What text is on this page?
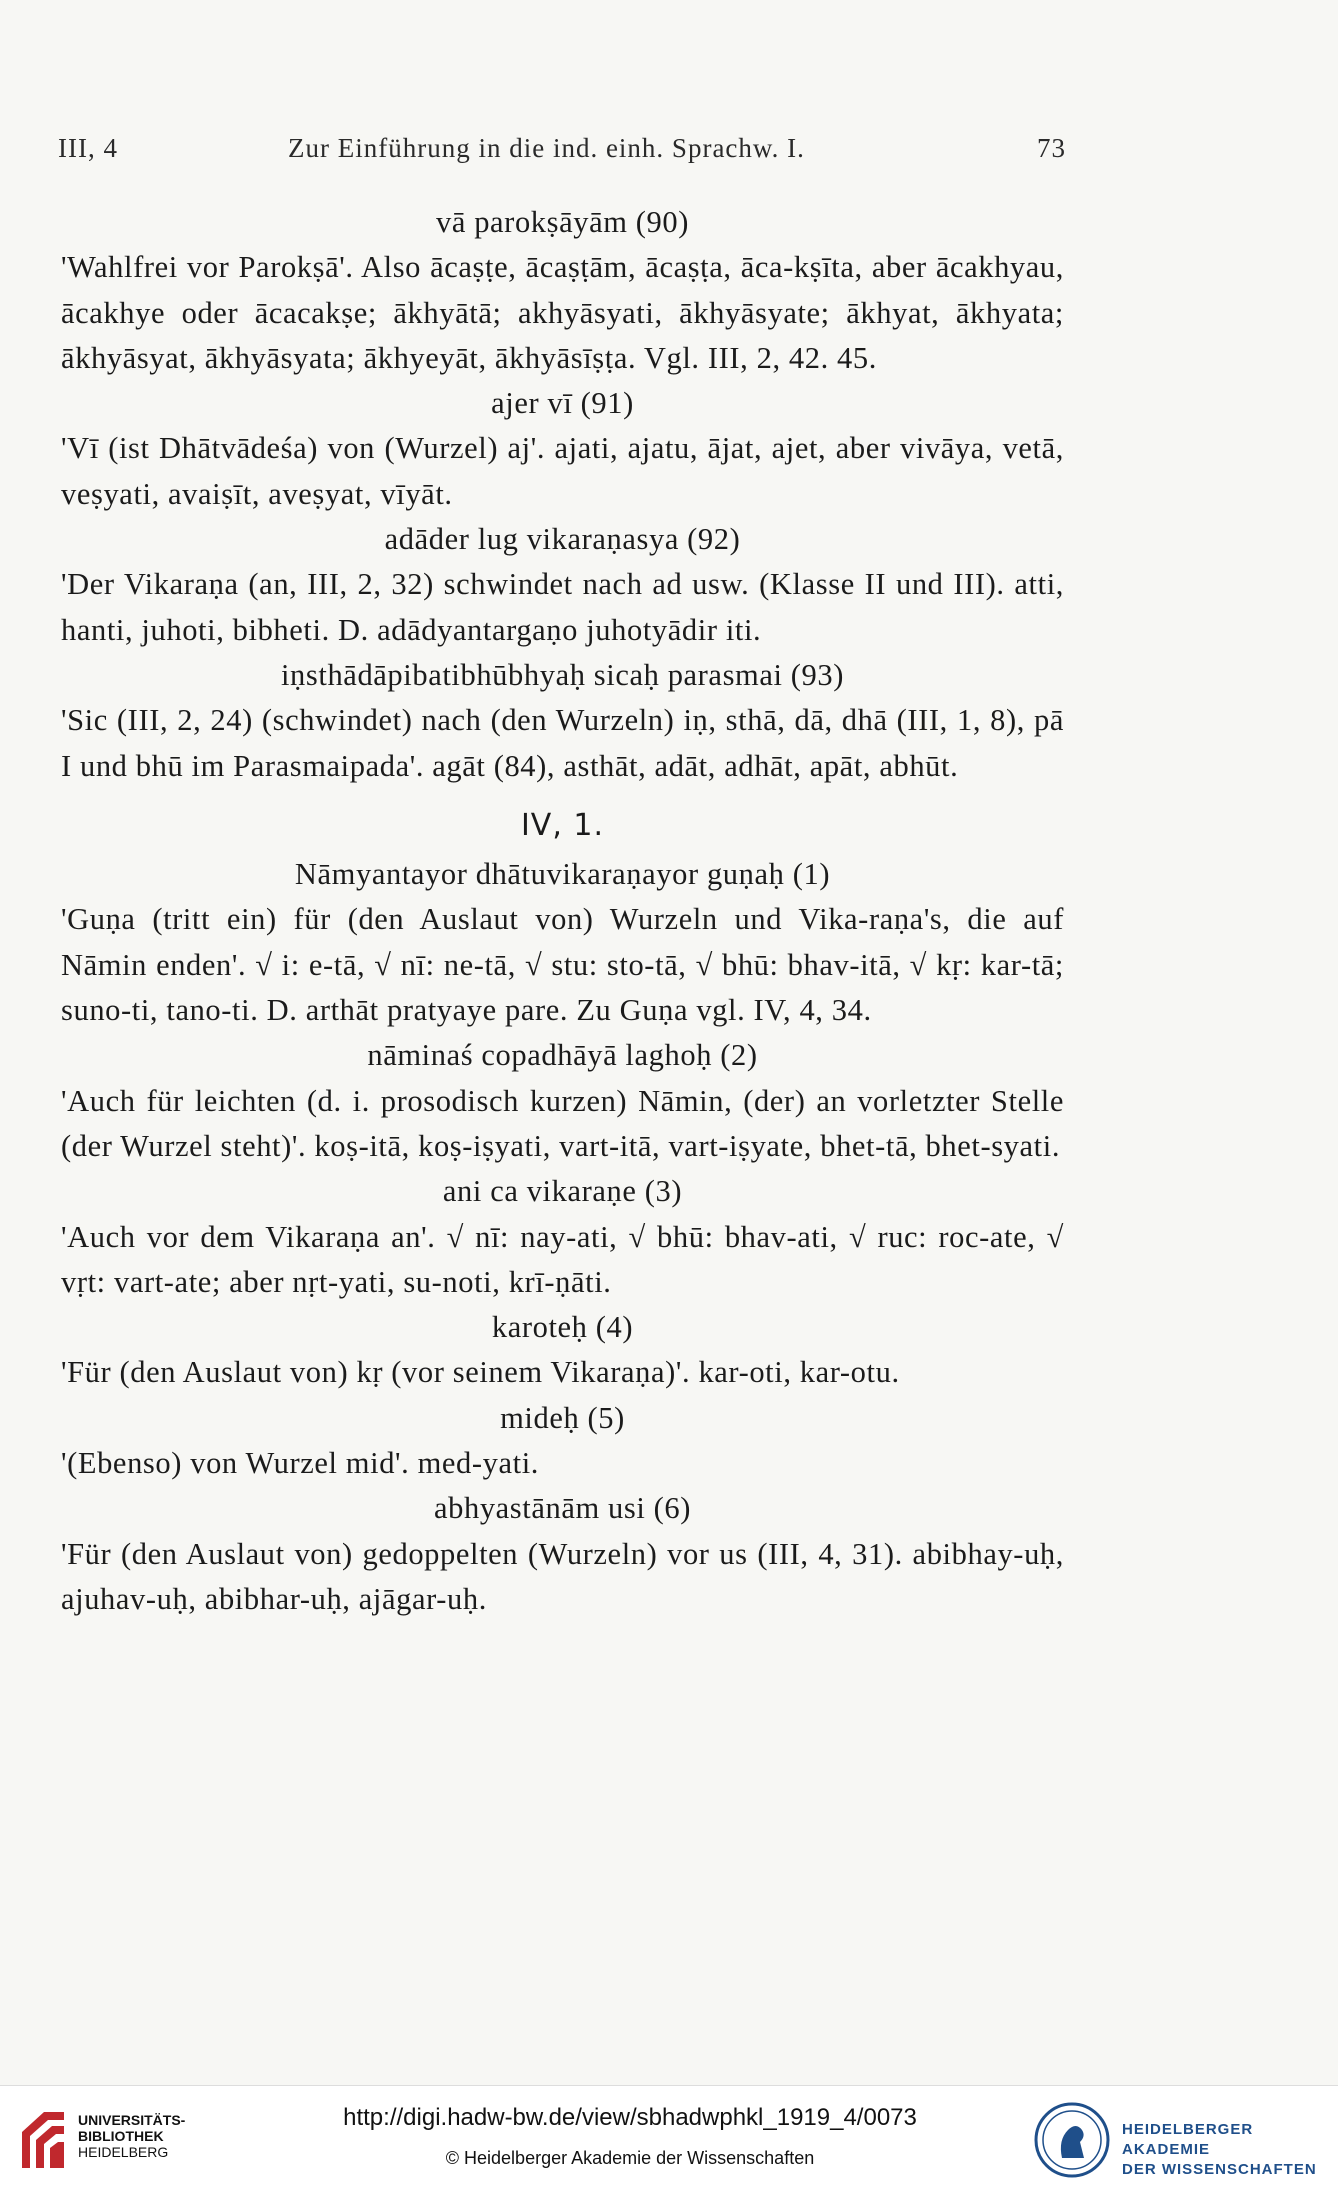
III, 4	Zur Einführung in die ind. einh. Sprachw. I.	73
vā parokṣāyām (90)
'Wahlfrei vor Parokṣā'. Also ācaṣṭe, ācaṣṭām, ācaṣṭa, āca-kṣīta, aber ācakhyau, ācakhye oder ācacakṣe; ākhyātā; akhyāsyati, ākhyāsyate; ākhyat, ākhyata; ākhyāsyat, ākhyāsyata; ākhyeyāt, ākhyāsīṣṭa. Vgl. III, 2, 42. 45.
ajer vī (91)
'Vī (ist Dhātvādeśa) von (Wurzel) aj'. ajati, ajatu, ājat, ajet, aber vivāya, vetā, veṣyati, avaiṣīt, aveṣyat, vīyāt.
adāder lug vikaraṇasya (92)
'Der Vikaraṇa (an, III, 2, 32) schwindet nach ad usw. (Klasse II und III). atti, hanti, juhoti, bibheti. D. adādyantargaṇo juhotyādir iti.
iṇsthādāpibatibhūbhyaḥ sicaḥ parasmai (93)
'Sic (III, 2, 24) (schwindet) nach (den Wurzeln) iṇ, sthā, dā, dhā (III, 1, 8), pā I und bhū im Parasmaipada'. agāt (84), asthāt, adāt, adhāt, apāt, abhūt.
IV, 1.
Nāmyantayor dhātuvikaraṇayor guṇaḥ (1)
'Guṇa (tritt ein) für (den Auslaut von) Wurzeln und Vika-raṇa's, die auf Nāmin enden'. √ i: e-tā, √ nī: ne-tā, √ stu: sto-tā, √ bhū: bhav-itā, √ kṛ: kar-tā; suno-ti, tano-ti. D. arthāt pratyaye pare. Zu Guṇa vgl. IV, 4, 34.
nāminaś copadhāyā laghoḥ (2)
'Auch für leichten (d. i. prosodisch kurzen) Nāmin, (der) an vorletzter Stelle (der Wurzel steht)'. koṣ-itā, koṣ-iṣyati, vart-itā, vart-iṣyate, bhet-tā, bhet-syati.
ani ca vikaraṇe (3)
'Auch vor dem Vikaraṇa an'. √ nī: nay-ati, √ bhū: bhav-ati, √ ruc: roc-ate, √ vṛt: vart-ate; aber nṛt-yati, su-noti, krī-ṇāti.
karoteḥ (4)
'Für (den Auslaut von) kṛ (vor seinem Vikaraṇa)'. kar-oti, kar-otu.
mideḥ (5)
'(Ebenso) von Wurzel mid'. med-yati.
abhyastānām usi (6)
'Für (den Auslaut von) gedoppelten (Wurzeln) vor us (III, 4, 31). abibhay-uḥ, ajuhav-uḥ, abibhar-uḥ, ajāgar-uḥ.
UNIVERSITÄTS-
BIBLIOTHEK
HEIDELBERG
http://digi.hadw-bw.de/view/sbhadwphkl_1919_4/0073
© Heidelberger Akademie der Wissenschaften
HEIDELBERGER AKADEMIE
DER WISSENSCHAFTEN
